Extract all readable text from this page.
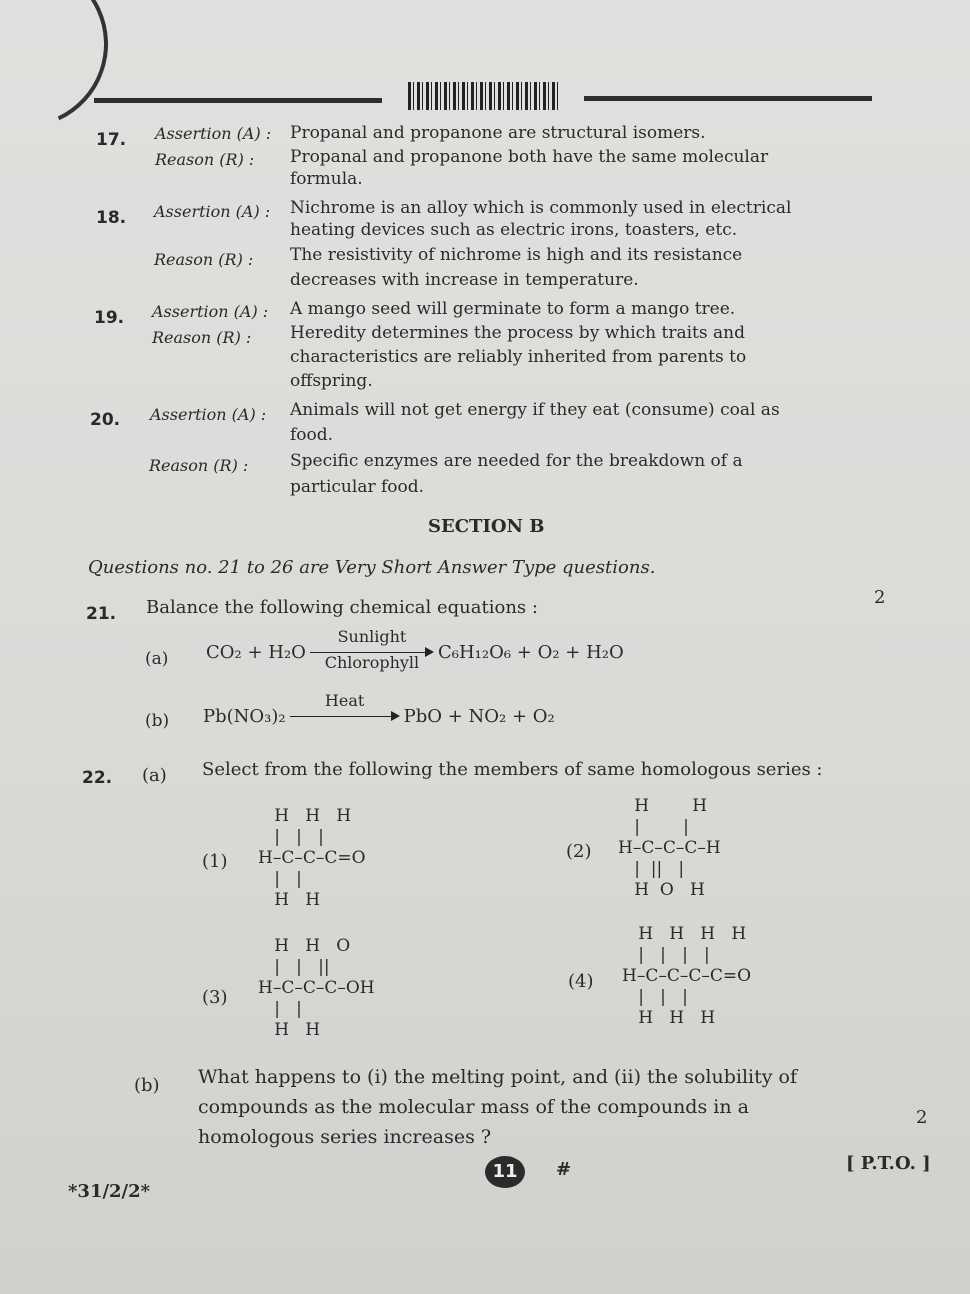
17. Assertion (A) : Propanal and propanone are structural isomers.
Reason (R) : Propanal and propanone both have the same molecular
formula.
18. Assertion (A) : Nichrome is an alloy which is commonly used in electrical
heating devices such as electric irons, toasters, etc.
Reason (R) : The resistivity of nichrome is high and its resistance
decreases with increase in temperature.
19. Assertion (A) : A mango seed will germinate to form a mango tree.
Reason (R) : Heredity determines the process by which traits and
characteristics are reliably inherited from parents to
offspring.
20. Assertion (A) : Animals will not get energy if they eat (consume) coal as
food.
Reason (R) : Specific enzymes are needed for the breakdown of a
particular food.
SECTION B
Questions no. 21 to 26 are Very Short Answer Type questions.
21. Balance the following chemical equations :	2
(a) CO₂ + H₂O
Sunlight
Chlorophyll	C₆H₁₂O₆ + O₂ + H₂O
(b) Pb(NO₃)₂
Heat
PbO + NO₂ + O₂
22. (a) Select from the following the members of same homologous series :
(1)
H   H   H
|   |   |
H–C–C–C=O
|   |
H   H
(2)
H        H
|        |
H–C–C–C–H
|  ||   |
H  O   H
(3)
H   H   O
|   |   ||
H–C–C–C–OH
|   |
H   H
(4)
H   H   H   H
|   |   |   |
H–C–C–C–C=O
|   |   |
H   H   H
(b) What happens to (i) the melting point, and (ii) the solubility of
compounds as the molecular mass of the compounds in a
homologous series increases ?
2
*31/2/2*
11	#	[ P.T.O. ]
